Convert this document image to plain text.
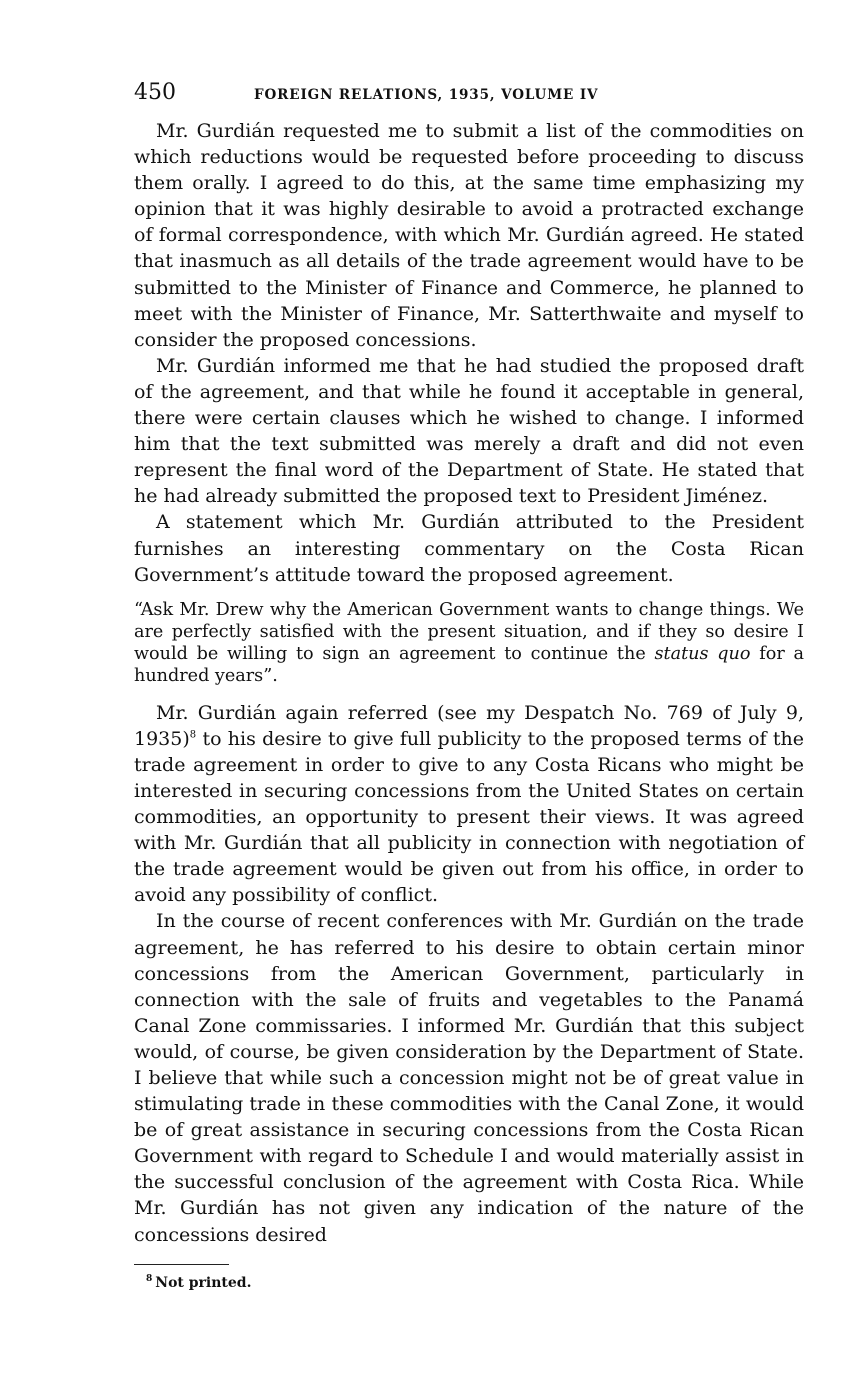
450	FOREIGN RELATIONS, 1935, VOLUME IV

Mr. Gurdián requested me to submit a list of the commodities on which reductions would be requested before proceeding to discuss them orally. I agreed to do this, at the same time emphasizing my opinion that it was highly desirable to avoid a protracted exchange of formal correspondence, with which Mr. Gurdián agreed. He stated that inasmuch as all details of the trade agreement would have to be submitted to the Minister of Finance and Commerce, he planned to meet with the Minister of Finance, Mr. Satterthwaite and myself to consider the proposed concessions.

Mr. Gurdián informed me that he had studied the proposed draft of the agreement, and that while he found it acceptable in general, there were certain clauses which he wished to change. I informed him that the text submitted was merely a draft and did not even represent the final word of the Department of State. He stated that he had already submitted the proposed text to President Jiménez.

A statement which Mr. Gurdián attributed to the President furnishes an interesting commentary on the Costa Rican Government’s attitude toward the proposed agreement.

“Ask Mr. Drew why the American Government wants to change things. We are perfectly satisfied with the present situation, and if they so desire I would be willing to sign an agreement to continue the status quo for a hundred years”.

Mr. Gurdián again referred (see my Despatch No. 769 of July 9, 1935)$^8$ to his desire to give full publicity to the proposed terms of the trade agreement in order to give to any Costa Ricans who might be interested in securing concessions from the United States on certain commodities, an opportunity to present their views. It was agreed with Mr. Gurdián that all publicity in connection with negotiation of the trade agreement would be given out from his office, in order to avoid any possibility of conflict.

In the course of recent conferences with Mr. Gurdián on the trade agreement, he has referred to his desire to obtain certain minor concessions from the American Government, particularly in connection with the sale of fruits and vegetables to the Panamá Canal Zone commissaries. I informed Mr. Gurdián that this subject would, of course, be given consideration by the Department of State. I believe that while such a concession might not be of great value in stimulating trade in these commodities with the Canal Zone, it would be of great assistance in securing concessions from the Costa Rican Government with regard to Schedule I and would materially assist in the successful conclusion of the agreement with Costa Rica. While Mr. Gurdián has not given any indication of the nature of the concessions desired

$^8$ Not printed.
